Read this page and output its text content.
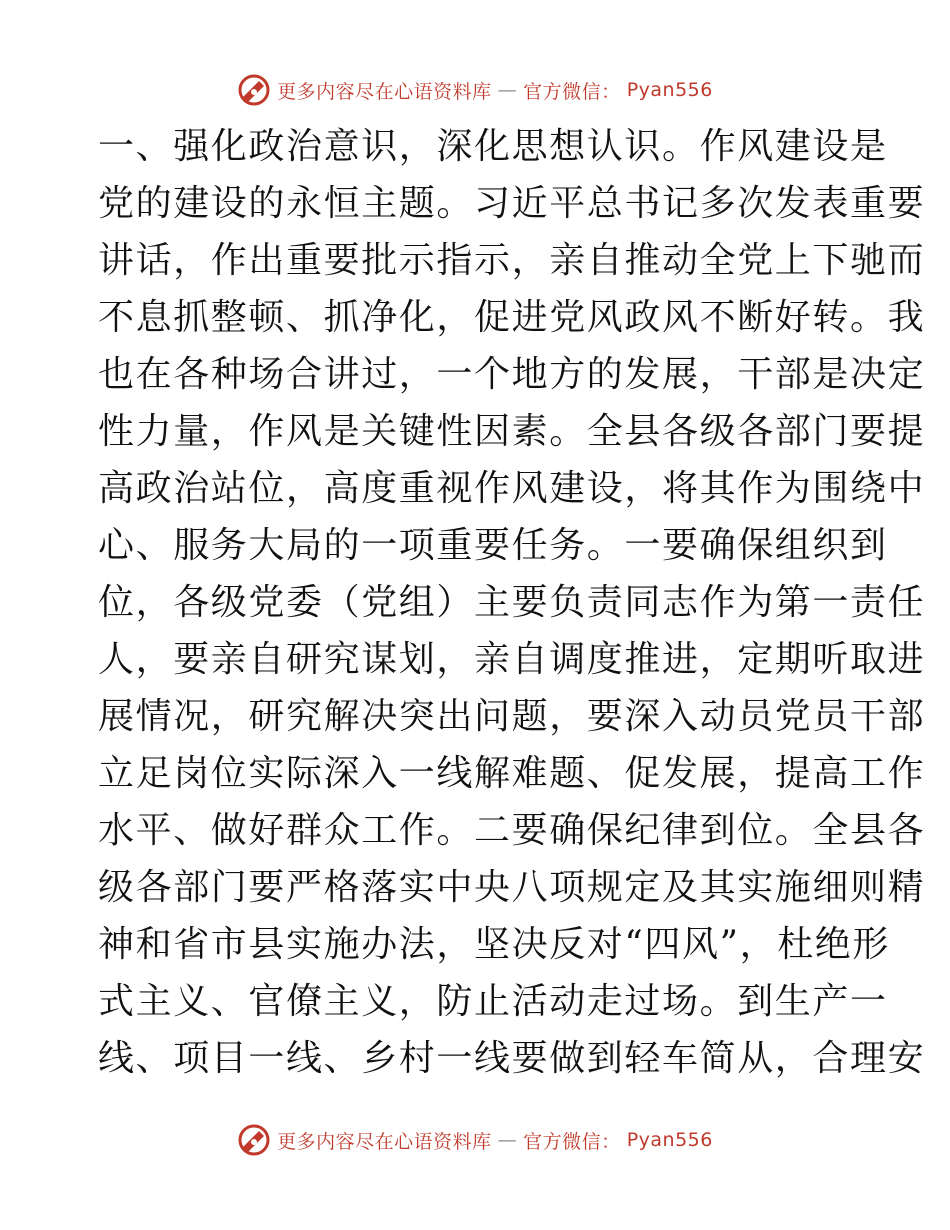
更多内容尽在心语资料库 — 官方微信： Pyan556
一、强化政治意识，深化思想认识。作风建设是
党的建设的永恒主题。习近平总书记多次发表重要
讲话，作出重要批示指示，亲自推动全党上下驰而
不息抓整顿、抓净化，促进党风政风不断好转。我
也在各种场合讲过，一个地方的发展，干部是决定
性力量，作风是关键性因素。全县各级各部门要提
高政治站位，高度重视作风建设，将其作为围绕中
心、服务大局的一项重要任务。一要确保组织到
位，各级党委（党组）主要负责同志作为第一责任
人，要亲自研究谋划，亲自调度推进，定期听取进
展情况，研究解决突出问题，要深入动员党员干部
立足岗位实际深入一线解难题、促发展，提高工作
水平、做好群众工作。二要确保纪律到位。全县各
级各部门要严格落实中央八项规定及其实施细则精
神和省市县实施办法，坚决反对“四风”，杜绝形
式主义、官僚主义，防止活动走过场。到生产一
线、项目一线、乡村一线要做到轻车简从，合理安
更多内容尽在心语资料库 — 官方微信： Pyan556
